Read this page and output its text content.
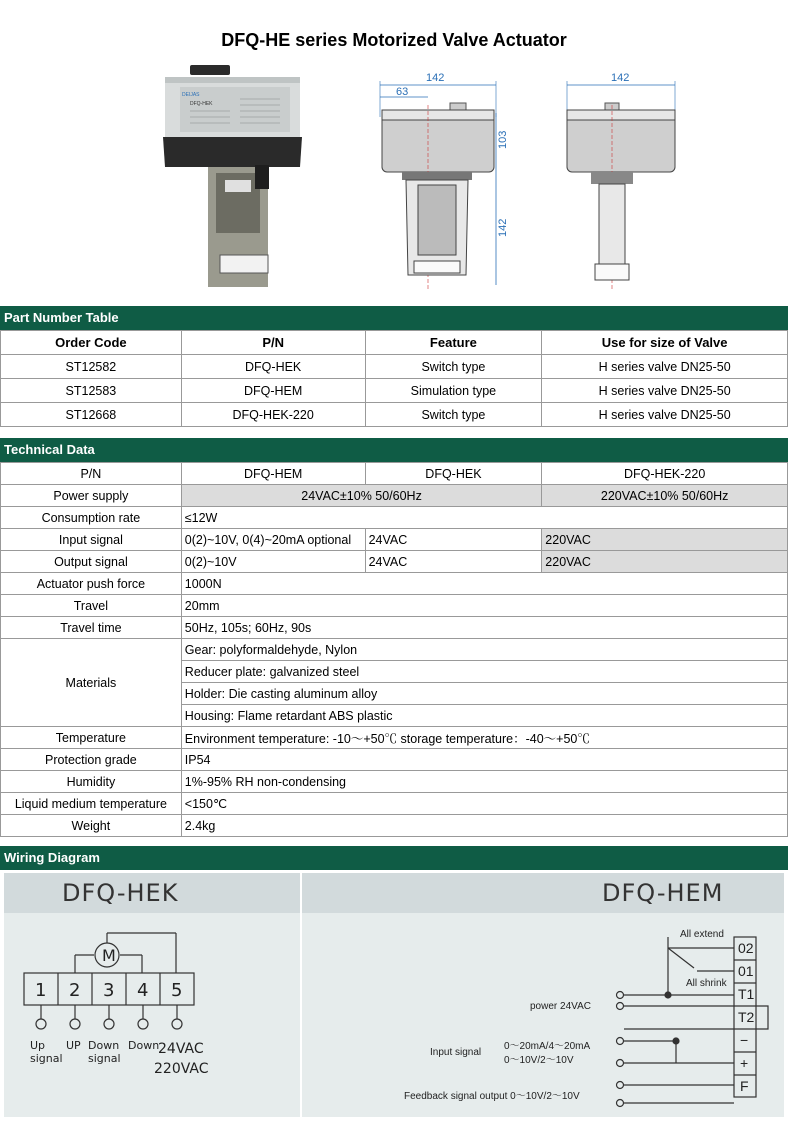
DFQ-HE series Motorized Valve Actuator
DEIJAS
DFQ-HEK
142
63
103
142
142
Part Number Table
Order Code	P/N	Feature	Use for size of Valve
ST12582	DFQ-HEK	Switch type	H series valve DN25-50
ST12583	DFQ-HEM	Simulation type	H series valve DN25-50
ST12668	DFQ-HEK-220	Switch type	H series valve DN25-50
Technical Data
P/N	DFQ-HEM	DFQ-HEK	DFQ-HEK-220
Power supply	24VAC±10% 50/60Hz		220VAC±10% 50/60Hz
Consumption rate	≤12W		
Input signal	0(2)~10V, 0(4)~20mA optional	24VAC	220VAC
Output signal	0(2)~10V	24VAC	220VAC
Actuator push force	1000N		
Travel	20mm		
Travel time	50Hz, 105s; 60Hz, 90s		
Materials	Gear: polyformaldehyde, Nylon		
	Reducer plate: galvanized steel		
	Holder: Die casting aluminum alloy		
	Housing: Flame retardant ABS plastic		
Temperature	Environment temperature: -10～+50℃ storage temperature：-40～+50℃		
Protection grade	IP54		
Humidity	1%-95% RH non-condensing		
Liquid medium temperature	<150℃		
Weight	2.4kg		
Wiring Diagram
DFQ-HEK	DFQ-HEM
M
1 2 3 4 5
Up
signal
UP Down
signal
Down
24VAC
220VAC
02
01
T1
T2
−
+
F
All extend
All shrink
power 24VAC
Input signal
0～20mA/4～20mA
0～10V/2～10V
Feedback signal output 0～10V/2～10V
